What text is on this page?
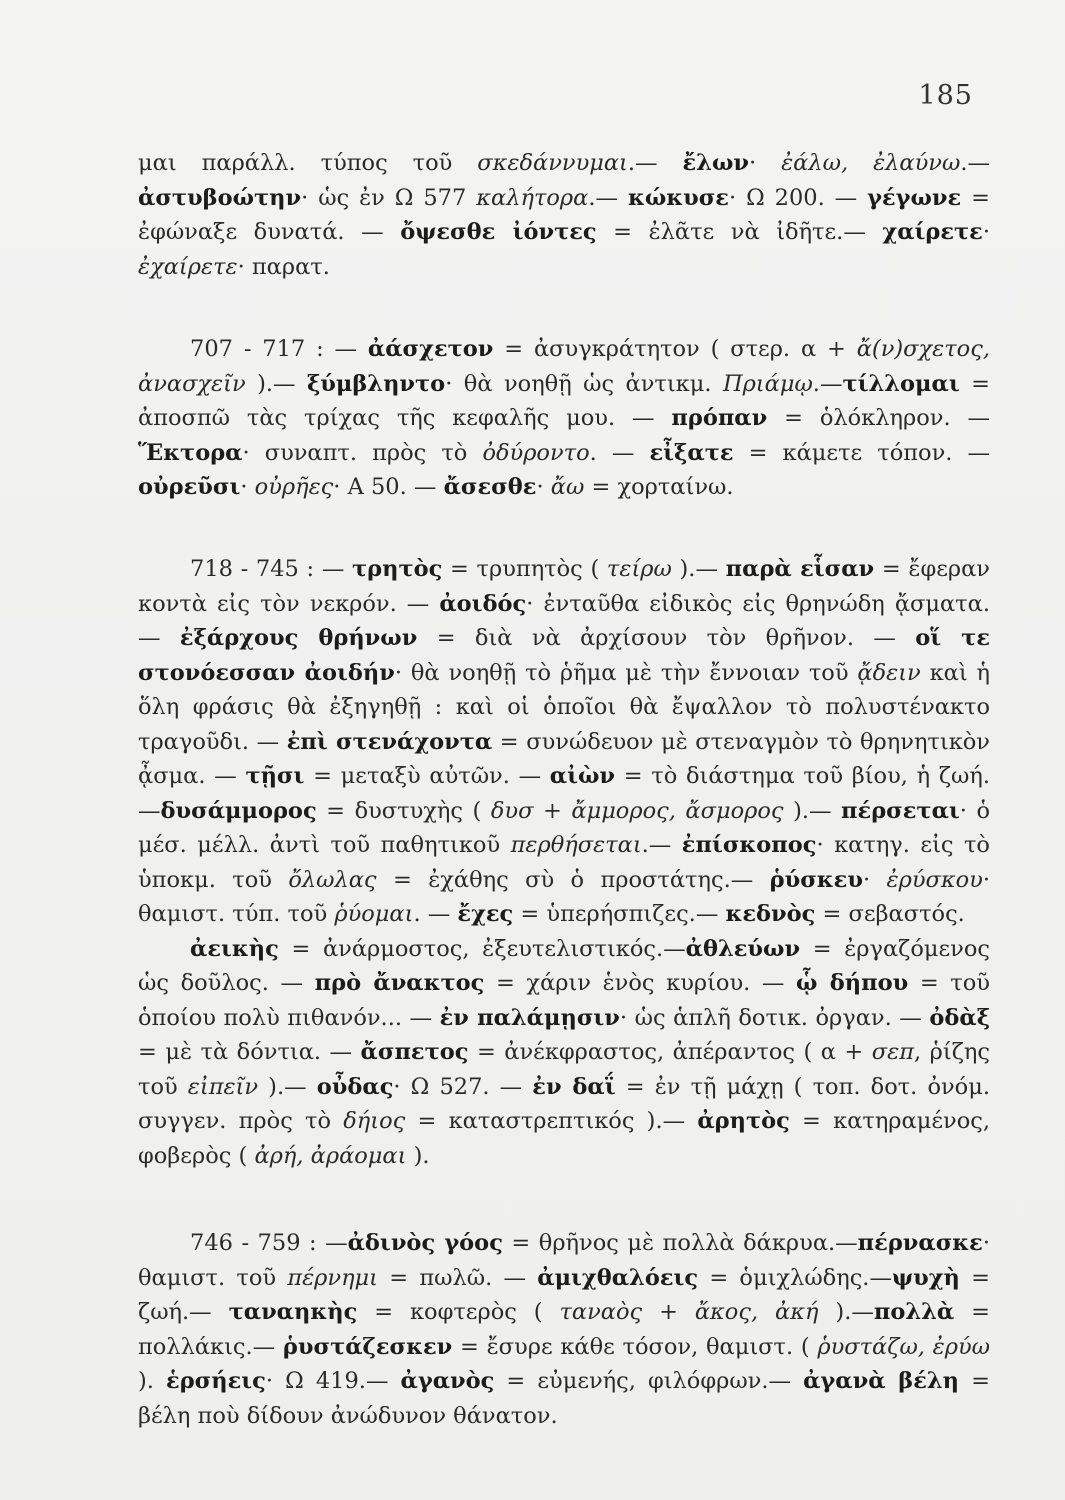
185

μαι παράλλ. τύπος τοῦ σκεδάννυμαι.— ἔλων· ἐάλω, ἐλαύνω.—ἀστυβοώτην· ὡς ἐν Ω 577 καλήτορα.— κώκυσε· Ω 200. — γέγωνε = ἐφώναξε δυνατά. — ὄψεσθε ἰόντες = ἐλᾶτε νὰ ἰδῆτε.— χαίρετε· ἐχαίρετε· παρατ.

707 - 717 : — ἀάσχετον = ἀσυγκράτητον ( στερ. α + ἄ(ν)σχετος, ἀνασχεῖν ).— ξύμβληντο· θὰ νοηθῇ ὡς ἀντικμ. Πριάμῳ.—τίλλομαι = ἀποσπῶ τὰς τρίχας τῆς κεφαλῆς μου. — πρόπαν = ὁλόκληρον. — Ἕκτορα· συναπτ. πρὸς τὸ ὀδύροντο. — εἶξατε = κάμετε τόπον. — οὐρεῦσι· οὐρῆες· Α 50. — ἄσεσθε· ἄω = χορταίνω.

718 - 745 : — τρητὸς = τρυπητὸς ( τείρω ).— παρὰ εἷσαν = ἔφεραν κοντὰ εἰς τὸν νεκρόν. — ἀοιδός· ἐνταῦθα εἰδικὸς εἰς θρηνώδη ᾄσματα. — ἐξάρχους θρήνων = διὰ νὰ ἀρχίσουν τὸν θρῆνον. — οἵ τε στονόεσσαν ἀοιδήν· θὰ νοηθῇ τὸ ῥῆμα μὲ τὴν ἔννοιαν τοῦ ᾄδειν καὶ ἡ ὅλη φράσις θὰ ἐξηγηθῇ : καὶ οἱ ὁποῖοι θὰ ἔψαλλον τὸ πολυστένακτο τραγοῦδι. — ἐπὶ στενάχοντα = συνώδευον μὲ στεναγμὸν τὸ θρηνητικὸν ᾆσμα. — τῇσι = μεταξὺ αὐτῶν. — αἰὼν = τὸ διάστημα τοῦ βίου, ἡ ζωή.—δυσάμμορος = δυστυχὴς ( δυσ + ἄμμορος, ἄσμορος ).— πέρσεται· ὁ μέσ. μέλλ. ἀντὶ τοῦ παθητικοῦ περθήσεται.— ἐπίσκοπος· κατηγ. εἰς τὸ ὑποκμ. τοῦ ὄλωλας = ἐχάθης σὺ ὁ προστάτης.— ῥύσκευ· ἐρύσκου· θαμιστ. τύπ. τοῦ ῥύομαι. — ἔχες = ὑπερήσπιζες.— κεδνὸς = σεβαστός.

ἀεικὴς = ἀνάρμοστος, ἐξευτελιστικός.—ἀθλεύων = ἐργαζόμενος ὡς δοῦλος. — πρὸ ἄνακτος = χάριν ἑνὸς κυρίου. — ᾧ δήπου = τοῦ ὁποίου πολὺ πιθανόν... — ἐν παλάμῃσιν· ὡς ἁπλῆ δοτικ. ὀργαν. — ὀδὰξ = μὲ τὰ δόντια. — ἄσπετος = ἀνέκφραστος, ἀπέραντος ( α + σεπ, ῥίζης τοῦ εἰπεῖν ).— οὖδας· Ω 527. — ἐν δαΐ = ἐν τῇ μάχῃ ( τοπ. δοτ. ὀνόμ. συγγεν. πρὸς τὸ δήιος = καταστρεπτικός ).— ἀρητὸς = κατηραμένος, φοβερὸς ( ἀρή, ἀράομαι ).

746 - 759 : —ἀδινὸς γόος = θρῆνος μὲ πολλὰ δάκρυα.—πέρνασκε· θαμιστ. τοῦ πέρνημι = πωλῶ. — ἀμιχθαλόεις = ὁμιχλώδης.—ψυχὴ = ζωή.— ταναηκὴς = κοφτερὸς ( ταναὸς + ἄκος, ἀκή ).—πολλὰ = πολλάκις.— ῥυστάζεσκεν = ἔσυρε κάθε τόσον, θαμιστ. ( ῥυστάζω, ἐρύω ). ἑρσήεις· Ω 419.— ἀγανὸς = εὐμενής, φιλόφρων.— ἀγανὰ βέλη = βέλη ποὺ δίδουν ἀνώδυνον θάνατον.
